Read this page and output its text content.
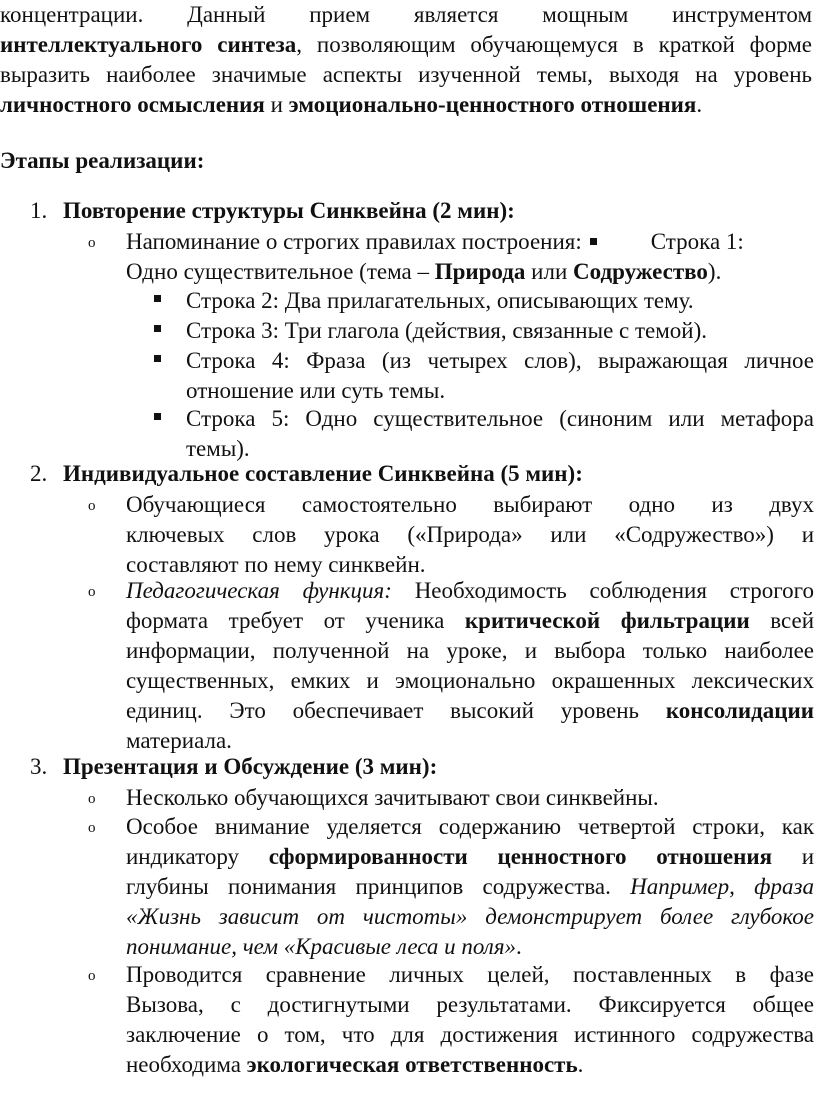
концентрации. Данный прием является мощным инструментом

интеллектуального синтеза, позволяющим обучающемуся в краткой форме

выразить наиболее значимые аспекты изученной темы, выходя на уровень

личностного осмысления и эмоционально-ценностного отношения.

Этапы реализации:

1. Повторение структуры Синквейна (2 мин):
o Напоминание о строгих правилах построения:	Строка 1:

Одно существительное (тема – Природа или Содружество).

Строка 2: Два прилагательных, описывающих тему.

Строка 3: Три глагола (действия, связанные с темой).

Строка 4: Фраза (из четырех слов), выражающая личное

отношение или суть темы.

Строка 5: Одно существительное (синоним или метафора

темы).

2. Индивидуальное составление Синквейна (5 мин):
o Обучающиеся самостоятельно выбирают одно из двух

ключевых слов урока («Природа» или «Содружество») и

составляют по нему синквейн.

o Педагогическая функция: Необходимость соблюдения строгого

формата требует от ученика критической фильтрации всей

информации, полученной на уроке, и выбора только наиболее

существенных, емких и эмоционально окрашенных лексических

единиц. Это обеспечивает высокий уровень консолидации

материала.

3. Презентация и Обсуждение (3 мин):
o Несколько обучающихся зачитывают свои синквейны.

o Особое внимание уделяется содержанию четвертой строки, как

индикатору сформированности ценностного отношения и

глубины понимания принципов содружества. Например, фраза

«Жизнь зависит от чистоты» демонстрирует более глубокое

понимание, чем «Красивые леса и поля».

o Проводится сравнение личных целей, поставленных в фазе

Вызова, с достигнутыми результатами. Фиксируется общее

заключение о том, что для достижения истинного содружества

необходима экологическая ответственность.
